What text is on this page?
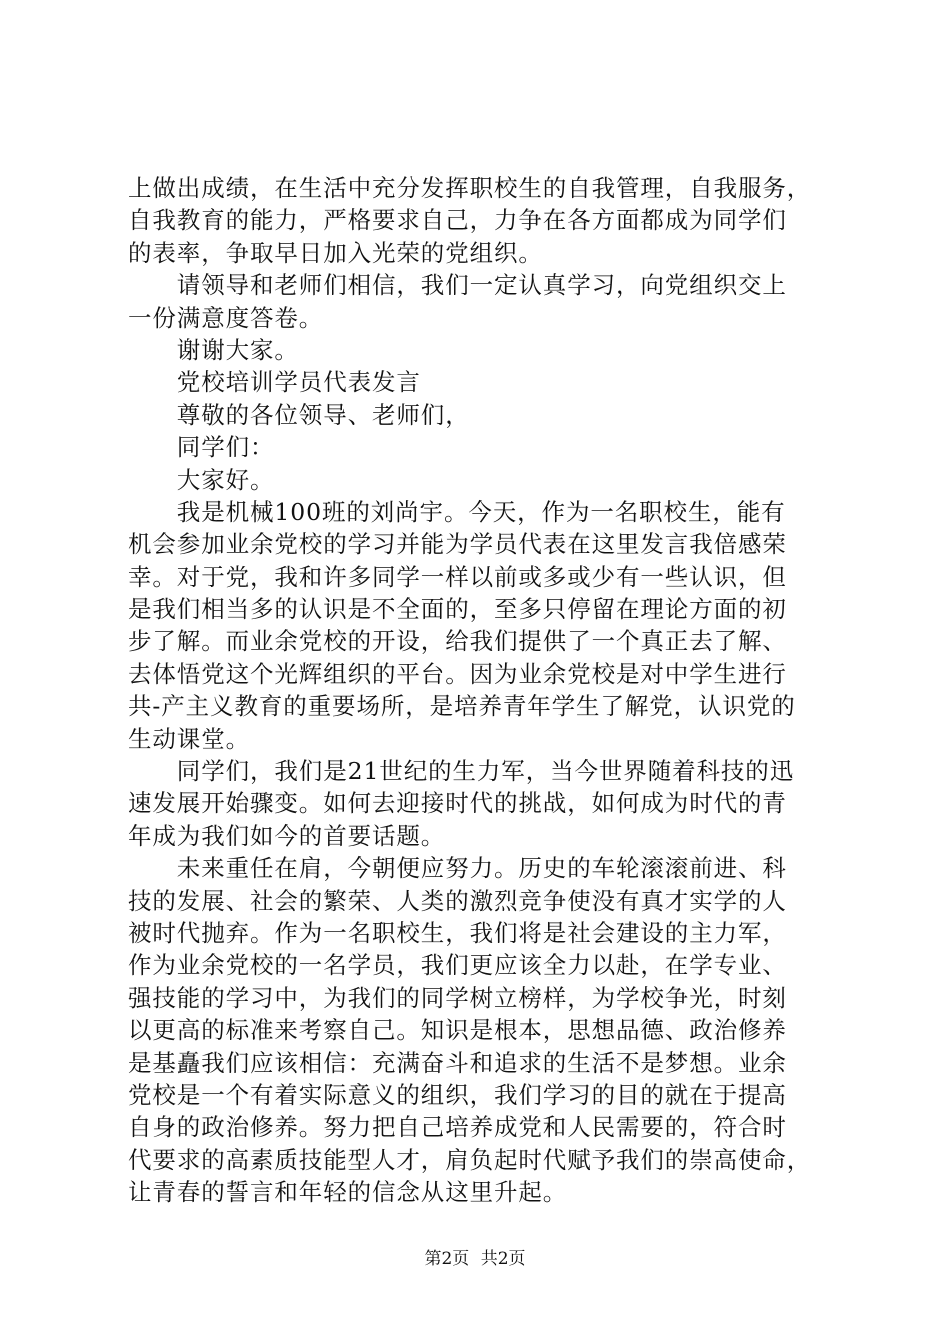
上做出成绩，在生活中充分发挥职校生的自我管理，自我服务，
自我教育的能力，严格要求自己，力争在各方面都成为同学们
的表率，争取早日加入光荣的党组织。
　　请领导和老师们相信，我们一定认真学习，向党组织交上
一份满意度答卷。
　　谢谢大家。
　　党校培训学员代表发言
　　尊敬的各位领导、老师们，
　　同学们：
　　大家好。
　　我是机械100班的刘尚宇。今天，作为一名职校生，能有
机会参加业余党校的学习并能为学员代表在这里发言我倍感荣
幸。对于党，我和许多同学一样以前或多或少有一些认识，但
是我们相当多的认识是不全面的，至多只停留在理论方面的初
步了解。而业余党校的开设，给我们提供了一个真正去了解、
去体悟党这个光辉组织的平台。因为业余党校是对中学生进行
共-产主义教育的重要场所，是培养青年学生了解党，认识党的
生动课堂。
　　同学们，我们是21世纪的生力军，当今世界随着科技的迅
速发展开始骤变。如何去迎接时代的挑战，如何成为时代的青
年成为我们如今的首要话题。
　　未来重任在肩，今朝便应努力。历史的车轮滚滚前进、科
技的发展、社会的繁荣、人类的激烈竞争使没有真才实学的人
被时代抛弃。作为一名职校生，我们将是社会建设的主力军，
作为业余党校的一名学员，我们更应该全力以赴，在学专业、
强技能的学习中，为我们的同学树立榜样，为学校争光，时刻
以更高的标准来考察自己。知识是根本，思想品德、政治修养
是基矗我们应该相信：充满奋斗和追求的生活不是梦想。业余
党校是一个有着实际意义的组织，我们学习的目的就在于提高
自身的政治修养。努力把自己培养成党和人民需要的，符合时
代要求的高素质技能型人才，肩负起时代赋予我们的崇高使命，
让青春的誓言和年轻的信念从这里升起。
第2页 共2页
